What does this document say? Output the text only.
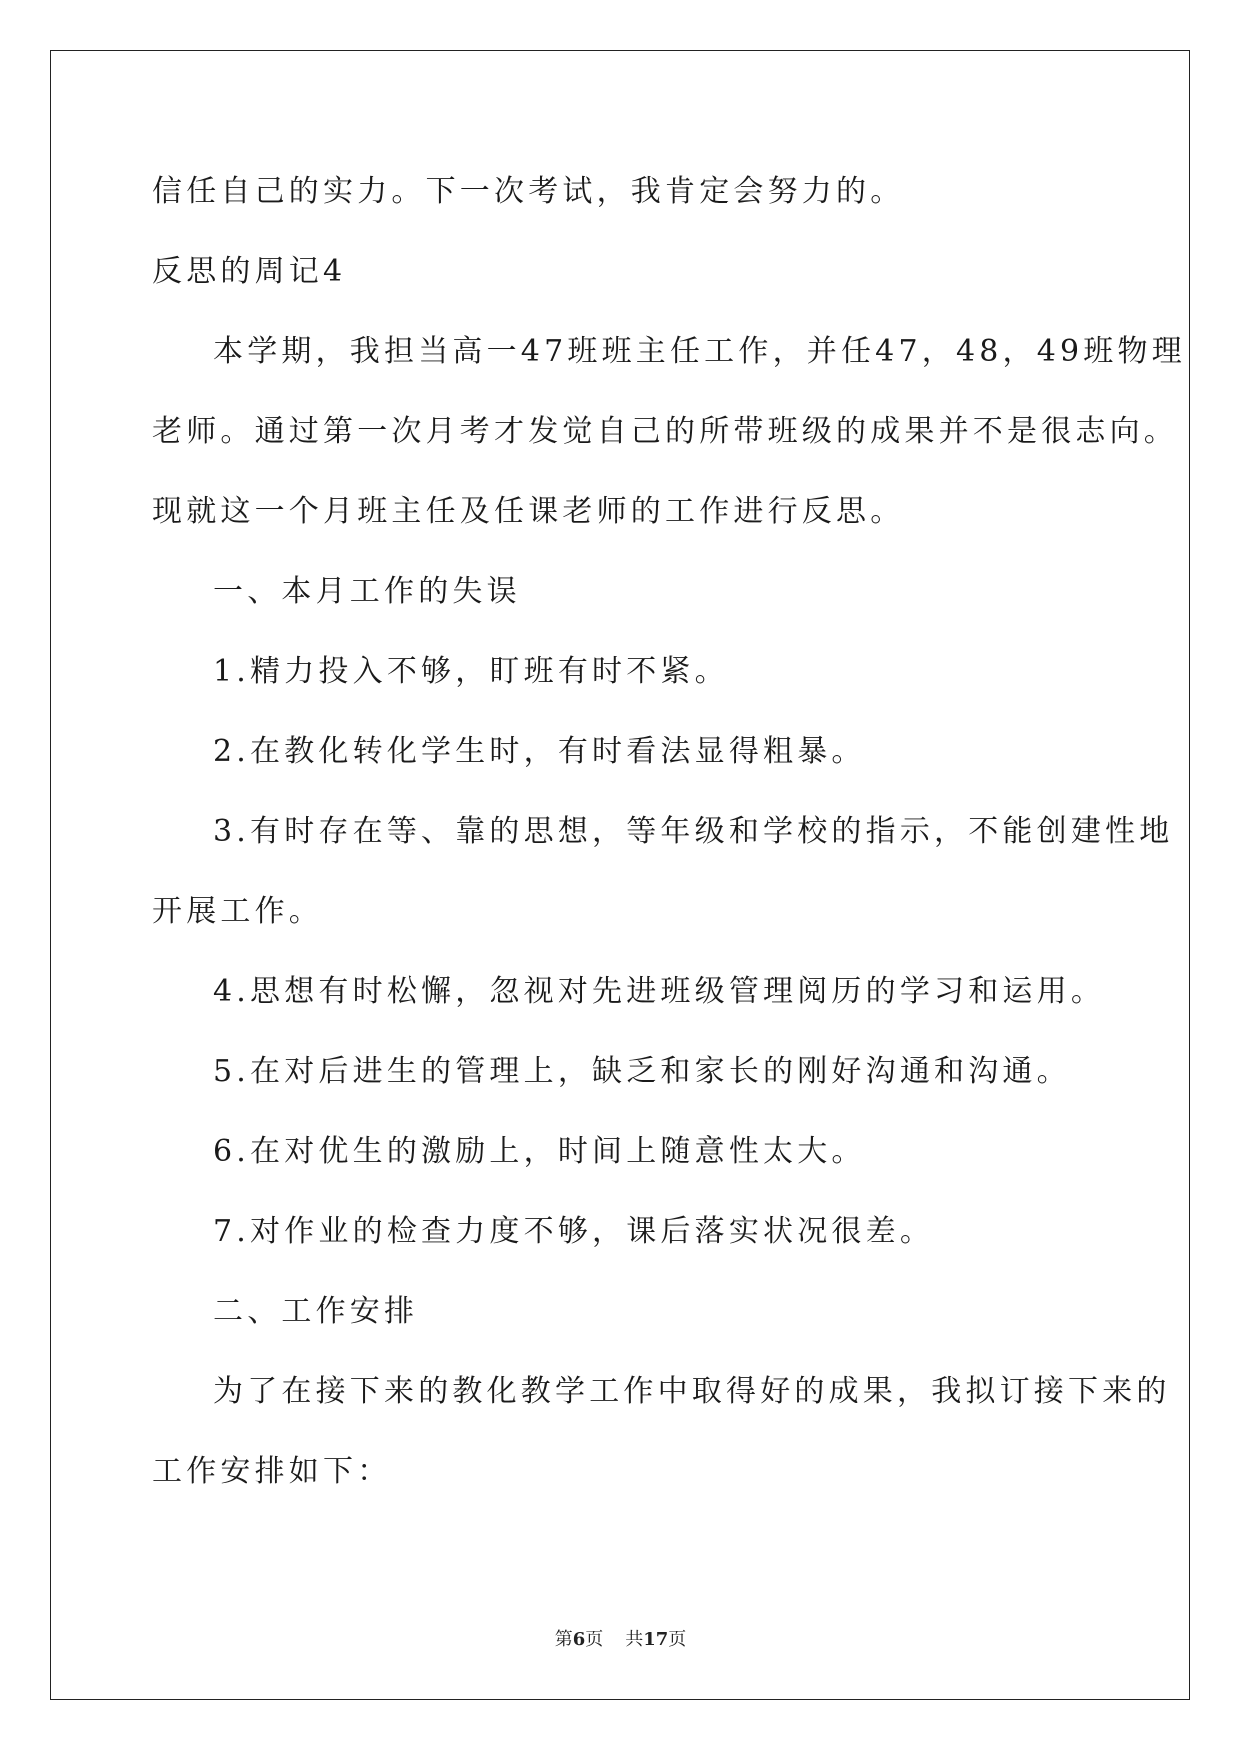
信任自己的实力。下一次考试，我肯定会努力的。
反思的周记4
本学期，我担当高一47班班主任工作，并任47，48，49班物理
老师。通过第一次月考才发觉自己的所带班级的成果并不是很志向。
现就这一个月班主任及任课老师的工作进行反思。
一、本月工作的失误
1.精力投入不够，盯班有时不紧。
2.在教化转化学生时，有时看法显得粗暴。
3.有时存在等、靠的思想，等年级和学校的指示，不能创建性地
开展工作。
4.思想有时松懈，忽视对先进班级管理阅历的学习和运用。
5.在对后进生的管理上，缺乏和家长的刚好沟通和沟通。
6.在对优生的激励上，时间上随意性太大。
7.对作业的检查力度不够，课后落实状况很差。
二、工作安排
为了在接下来的教化教学工作中取得好的成果，我拟订接下来的
工作安排如下：
第6页 共17页
